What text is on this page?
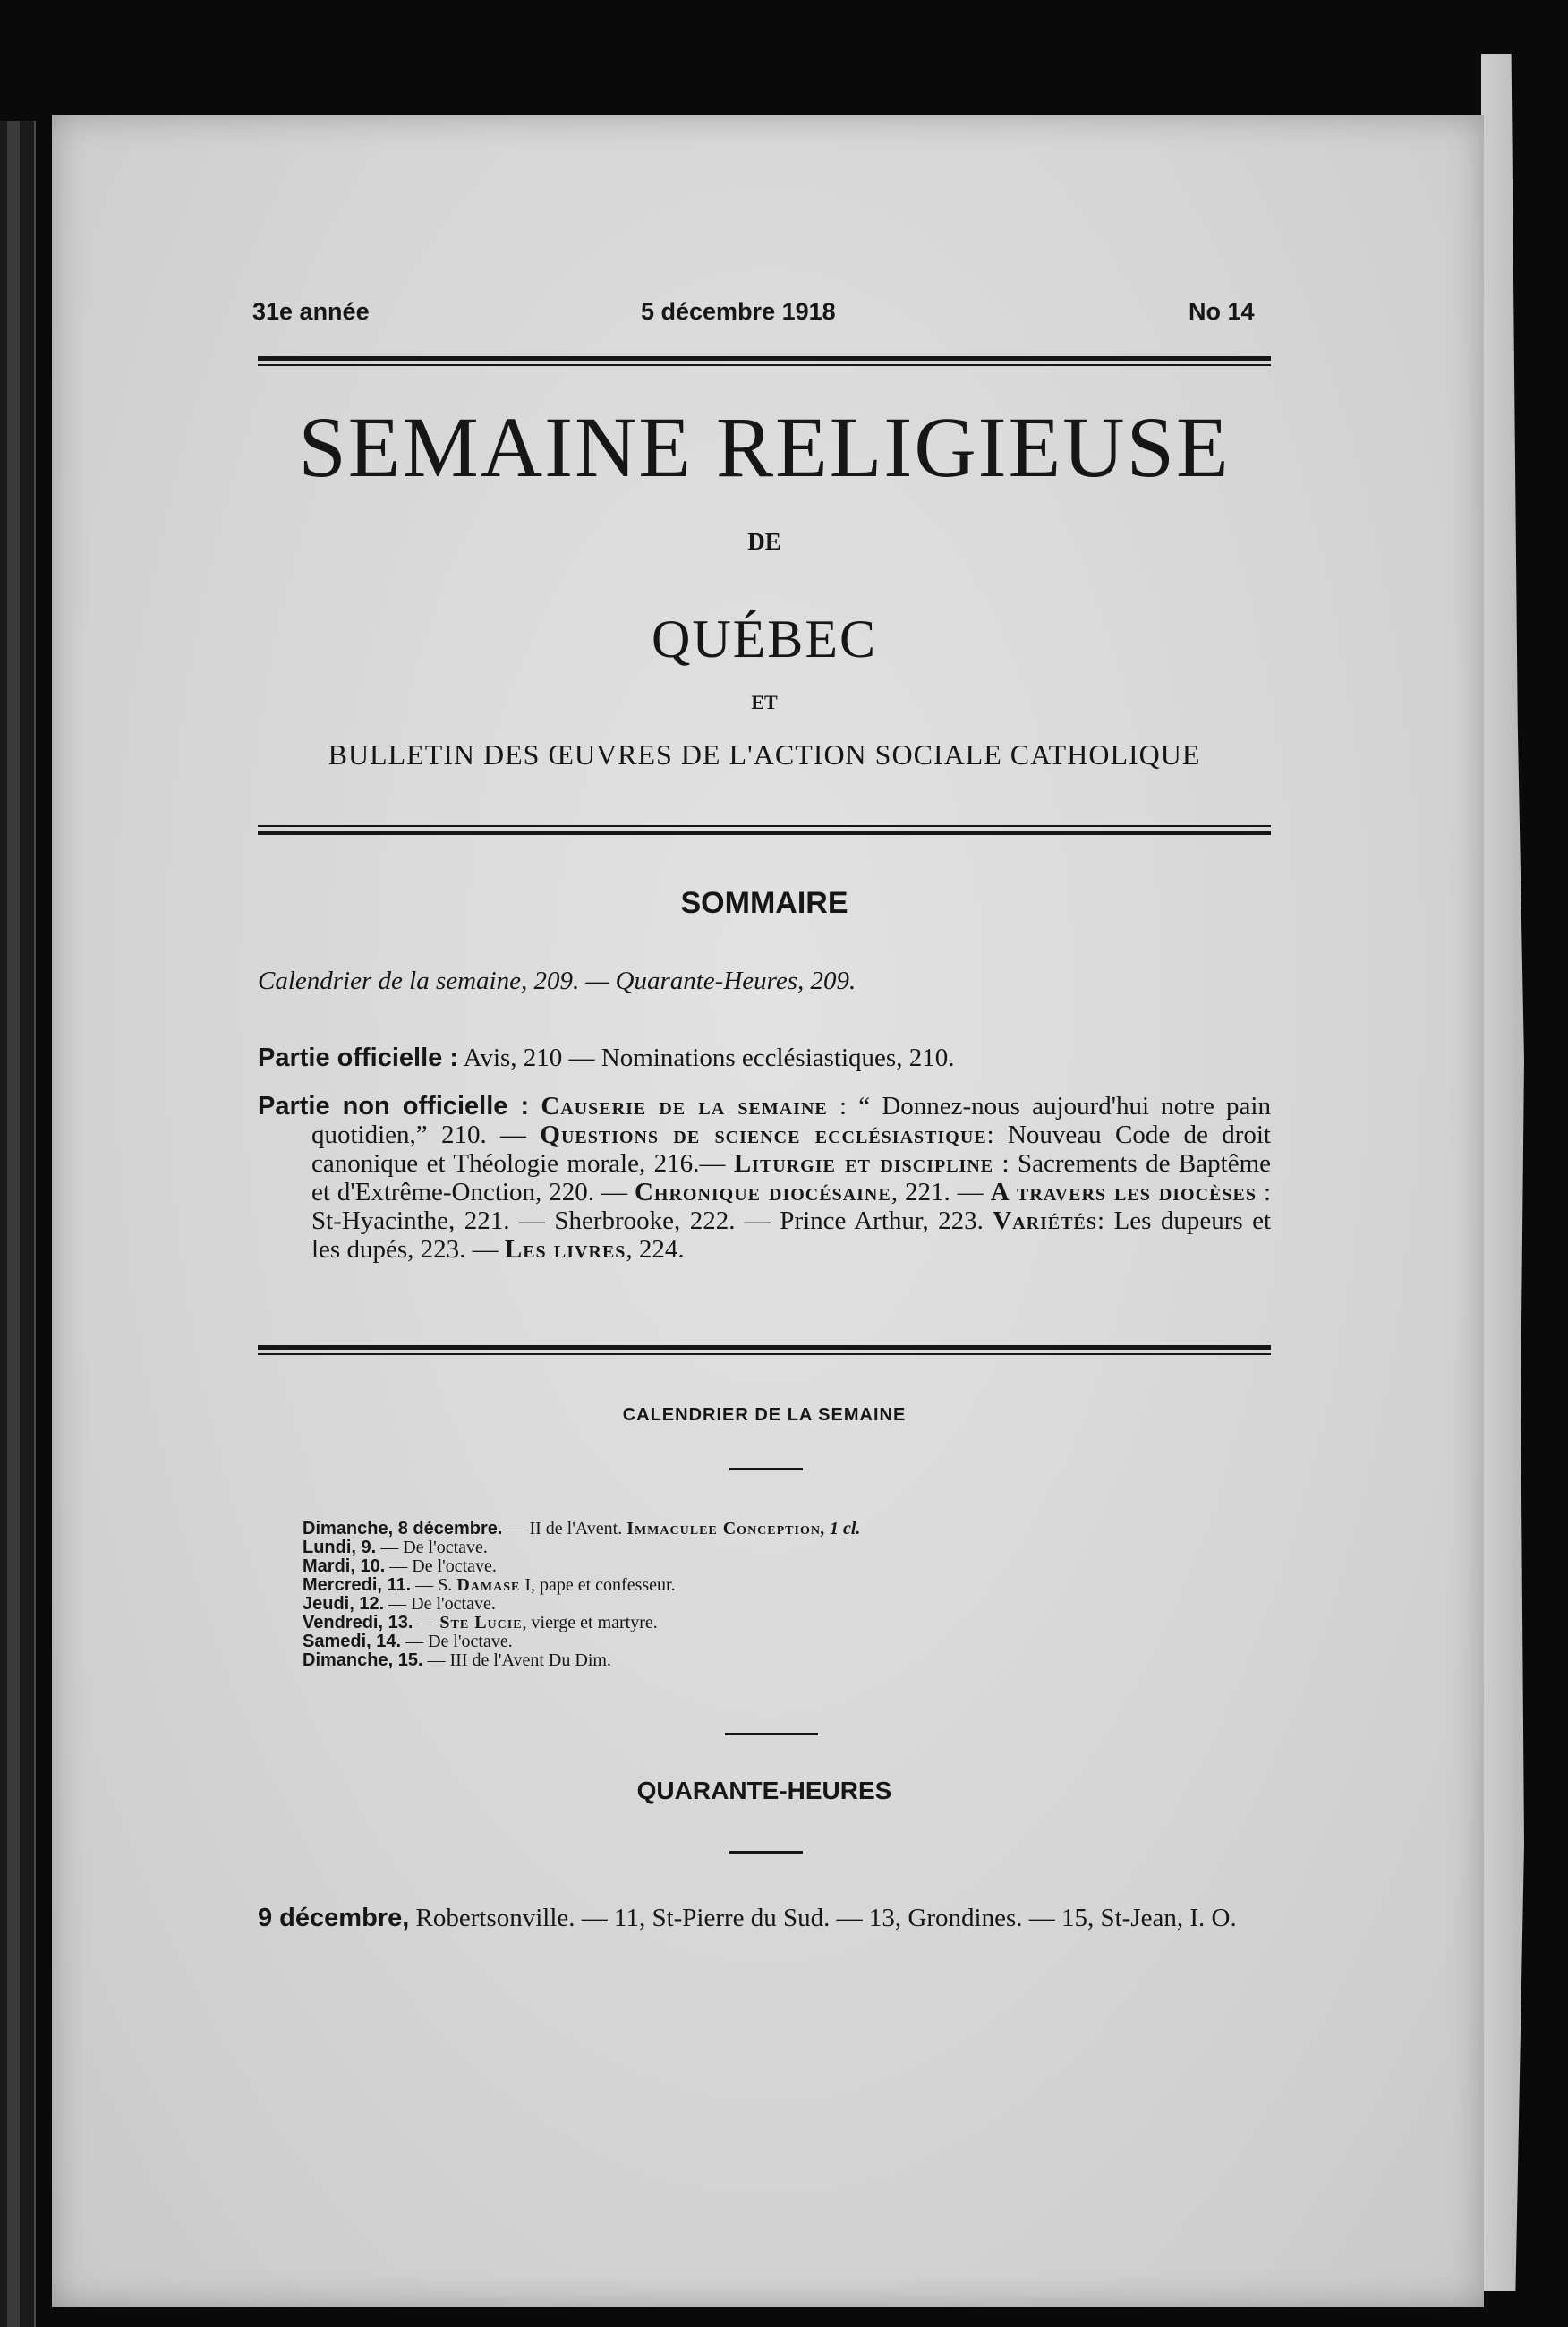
31e année	5 décembre 1918	No 14
SEMAINE RELIGIEUSE
DE
QUÉBEC
ET
BULLETIN DES ŒUVRES DE L'ACTION SOCIALE CATHOLIQUE
SOMMAIRE
Calendrier de la semaine, 209. — Quarante-Heures, 209.
Partie officielle : Avis, 210 — Nominations ecclésiastiques, 210.
Partie non officielle : Causerie de la semaine : “ Donnez-nous aujourd'hui notre pain quotidien,” 210. — Questions de science ecclésiastique: Nouveau Code de droit canonique et Théologie morale, 216.— Liturgie et discipline : Sacrements de Baptême et d'Extrême-Onction, 220. — Chronique diocésaine, 221. — A travers les diocèses : St-Hyacinthe, 221. — Sherbrooke, 222. — Prince Arthur, 223. Variétés: Les dupeurs et les dupés, 223. — Les livres, 224.
CALENDRIER DE LA SEMAINE
Dimanche, 8 décembre. — II de l'Avent. Immaculee Conception, 1 cl.
Lundi, 9. — De l'octave.
Mardi, 10. — De l'octave.
Mercredi, 11. — S. Damase I, pape et confesseur.
Jeudi, 12. — De l'octave.
Vendredi, 13. — Ste Lucie, vierge et martyre.
Samedi, 14. — De l'octave.
Dimanche, 15. — III de l'Avent Du Dim.
QUARANTE-HEURES
9 décembre, Robertsonville. — 11, St-Pierre du Sud. — 13, Grondines. — 15, St-Jean, I. O.
